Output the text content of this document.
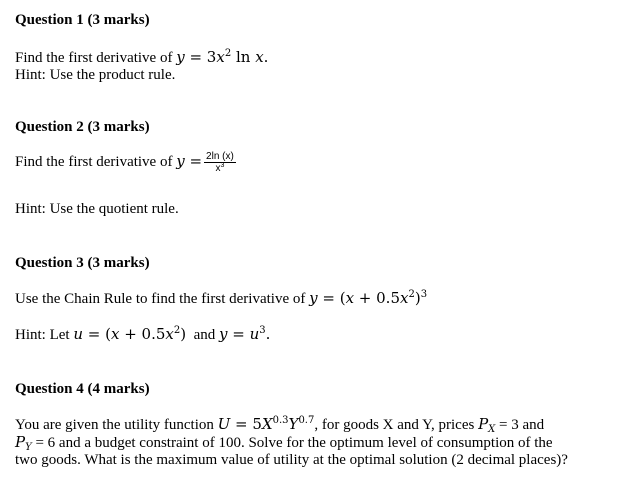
Question 1 (3 marks)
Find the first derivative of $y = 3x^2$ ln x.
Hint: Use the product rule.
Question 2 (3 marks)
Find the first derivative of $y = \frac{2\ln (x)}{x^3}$
Hint: Use the quotient rule.
Question 3 (3 marks)
Use the Chain Rule to find the first derivative of $y = (x + 0.5x^2)^3$
Hint: Let $u = (x + 0.5x^2)$  and $y = u^3$.
Question 4 (4 marks)
You are given the utility function $U = 5X^{0.3}Y^{0.7}$, for goods X and Y, prices $P_X = 3$ and
$P_Y = 6$ and a budget constraint of 100. Solve for the optimum level of consumption of the
two goods. What is the maximum value of utility at the optimal solution (2 decimal places)?
